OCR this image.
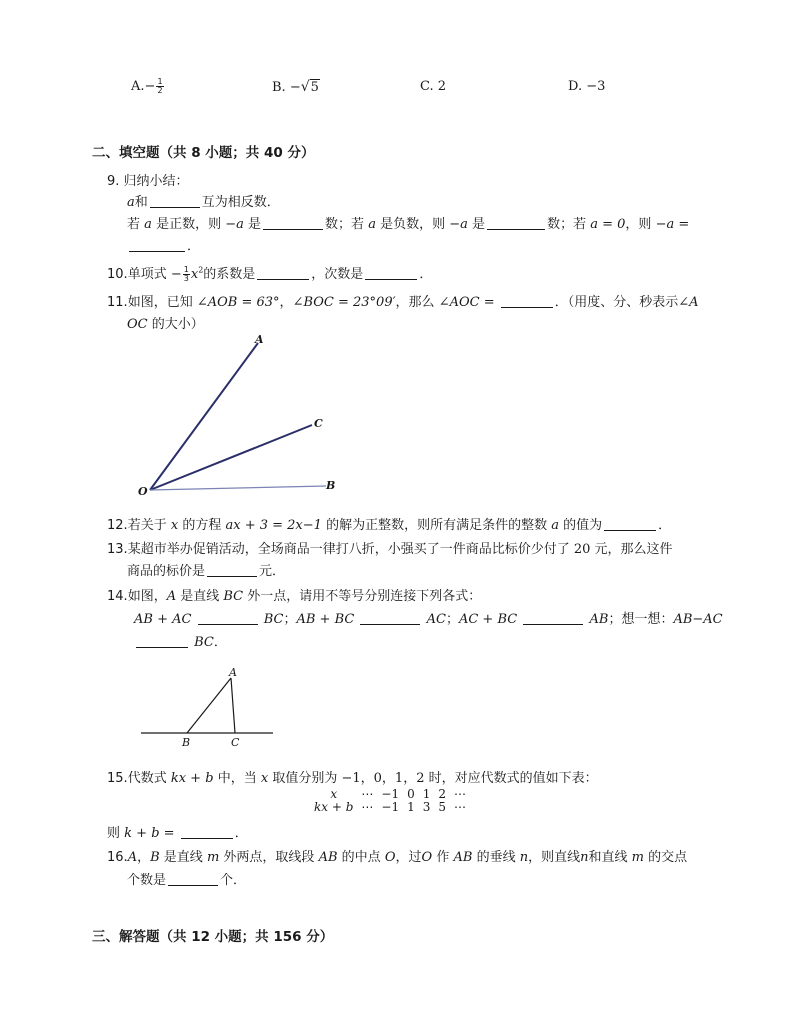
$A.- \frac{1}{2}$	B. −√5	C. 2	D. −3
二、填空题（共 8 小题；共 40 分）
9. 归纳小结：
a和	互为相反数．
若 a 是正数，则 −a 是	数；若 a 是负数，则 −a 是	数；若 a = 0，则 −a =
．
10.单项式 − $\frac{1}{3} x^2$的系数是	，次数是	．
11.如图，已知 ∠AOB = 63°，∠BOC = 23°09′，那么 ∠AOC =	．（用度、分、秒表示∠A
OC 的大小）
A
C
O	B
12.若关于 x 的方程 ax + 3 = 2x−1 的解为正整数，则所有满足条件的整数 a 的值为	．
13.某超市举办促销活动，全场商品一律打八折，小强买了一件商品比标价少付了 20 元，那么这件
商品的标价是	元．
14.如图，A 是直线 BC 外一点，请用不等号分别连接下列各式：
AB + AC	BC；AB + BC	AC；AC + BC	AB；想一想：AB−AC
BC．
A
B	C
15.代数式 kx + b 中，当 x 取值分别为 −1，0，1，2 时，对应代数式的值如下表：
x	⋯	−1	0	1	2	⋯
kx + b	⋯	−1	1	3	5	⋯
则 k + b =	．
16.A，B 是直线 m 外两点，取线段 AB 的中点 O，过O 作 AB 的垂线 n，则直线n和直线 m 的交点
个数是	个．
三、解答题（共 12 小题；共 156 分）
